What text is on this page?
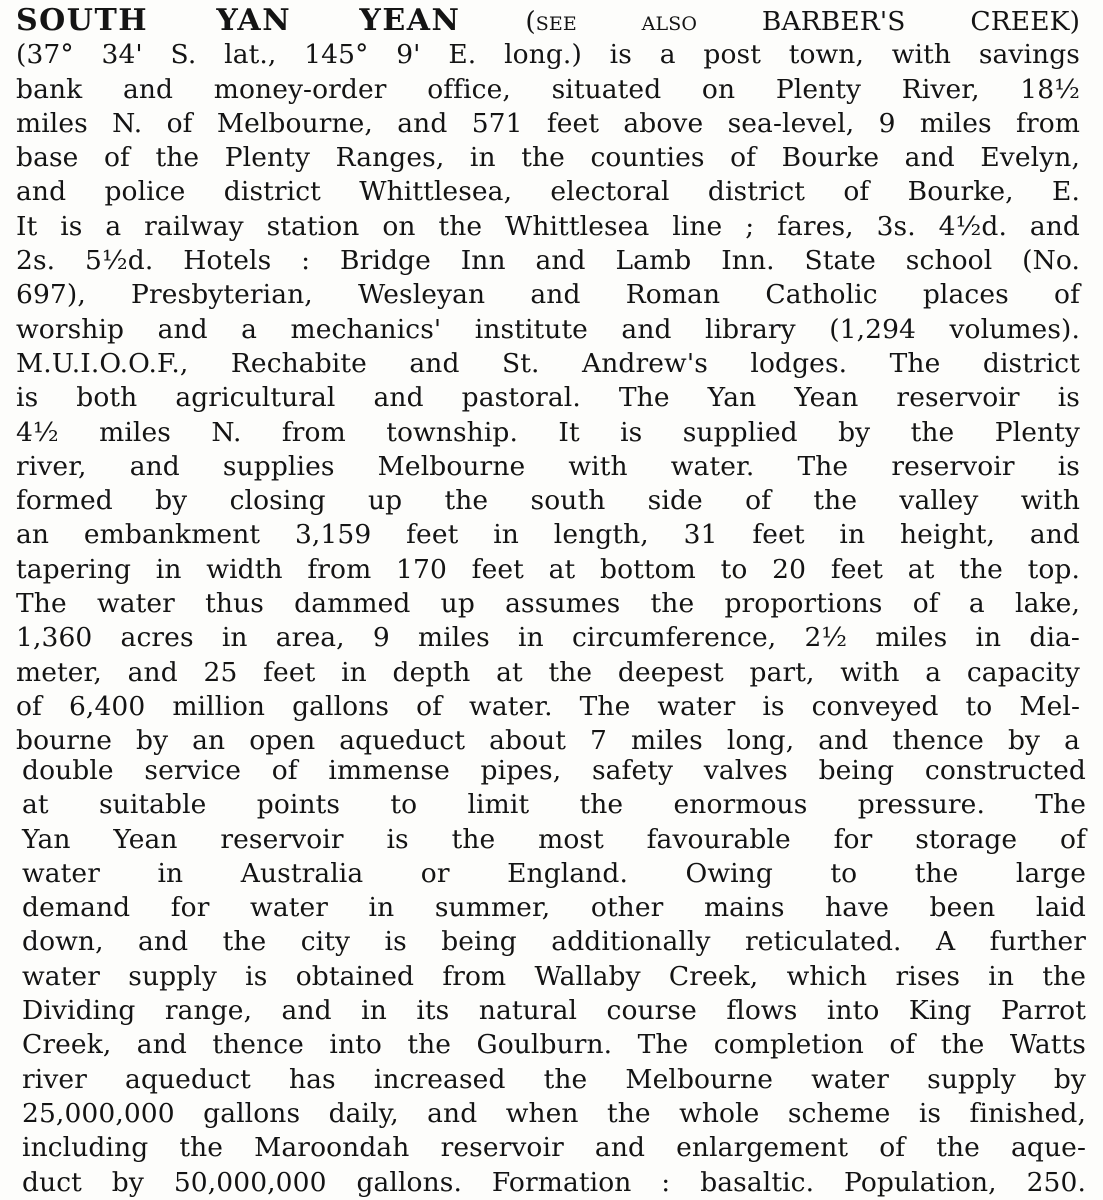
SOUTH YAN YEAN (see also BARBER'S CREEK)
(37° 34' S. lat., 145° 9' E. long.) is a post town, with savings
bank and money-order office, situated on Plenty River, 18½
miles N. of Melbourne, and 571 feet above sea-level, 9 miles from
base of the Plenty Ranges, in the counties of Bourke and Evelyn,
and police district Whittlesea, electoral district of Bourke, E.
It is a railway station on the Whittlesea line ; fares, 3s. 4½d. and
2s. 5½d. Hotels : Bridge Inn and Lamb Inn. State school (No.
697), Presbyterian, Wesleyan and Roman Catholic places of
worship and a mechanics' institute and library (1,294 volumes).
M.U.I.O.O.F., Rechabite and St. Andrew's lodges. The district
is both agricultural and pastoral. The Yan Yean reservoir is
4½ miles N. from township. It is supplied by the Plenty
river, and supplies Melbourne with water. The reservoir is
formed by closing up the south side of the valley with
an embankment 3,159 feet in length, 31 feet in height, and
tapering in width from 170 feet at bottom to 20 feet at the top.
The water thus dammed up assumes the proportions of a lake,
1,360 acres in area, 9 miles in circumference, 2½ miles in dia-
meter, and 25 feet in depth at the deepest part, with a capacity
of 6,400 million gallons of water. The water is conveyed to Mel-
bourne by an open aqueduct about 7 miles long, and thence by a
double service of immense pipes, safety valves being constructed
at suitable points to limit the enormous pressure. The
Yan Yean reservoir is the most favourable for storage of
water in Australia or England. Owing to the large
demand for water in summer, other mains have been laid
down, and the city is being additionally reticulated. A further
water supply is obtained from Wallaby Creek, which rises in the
Dividing range, and in its natural course flows into King Parrot
Creek, and thence into the Goulburn. The completion of the Watts
river aqueduct has increased the Melbourne water supply by
25,000,000 gallons daily, and when the whole scheme is finished,
including the Maroondah reservoir and enlargement of the aque-
duct by 50,000,000 gallons. Formation : basaltic. Population, 250.
